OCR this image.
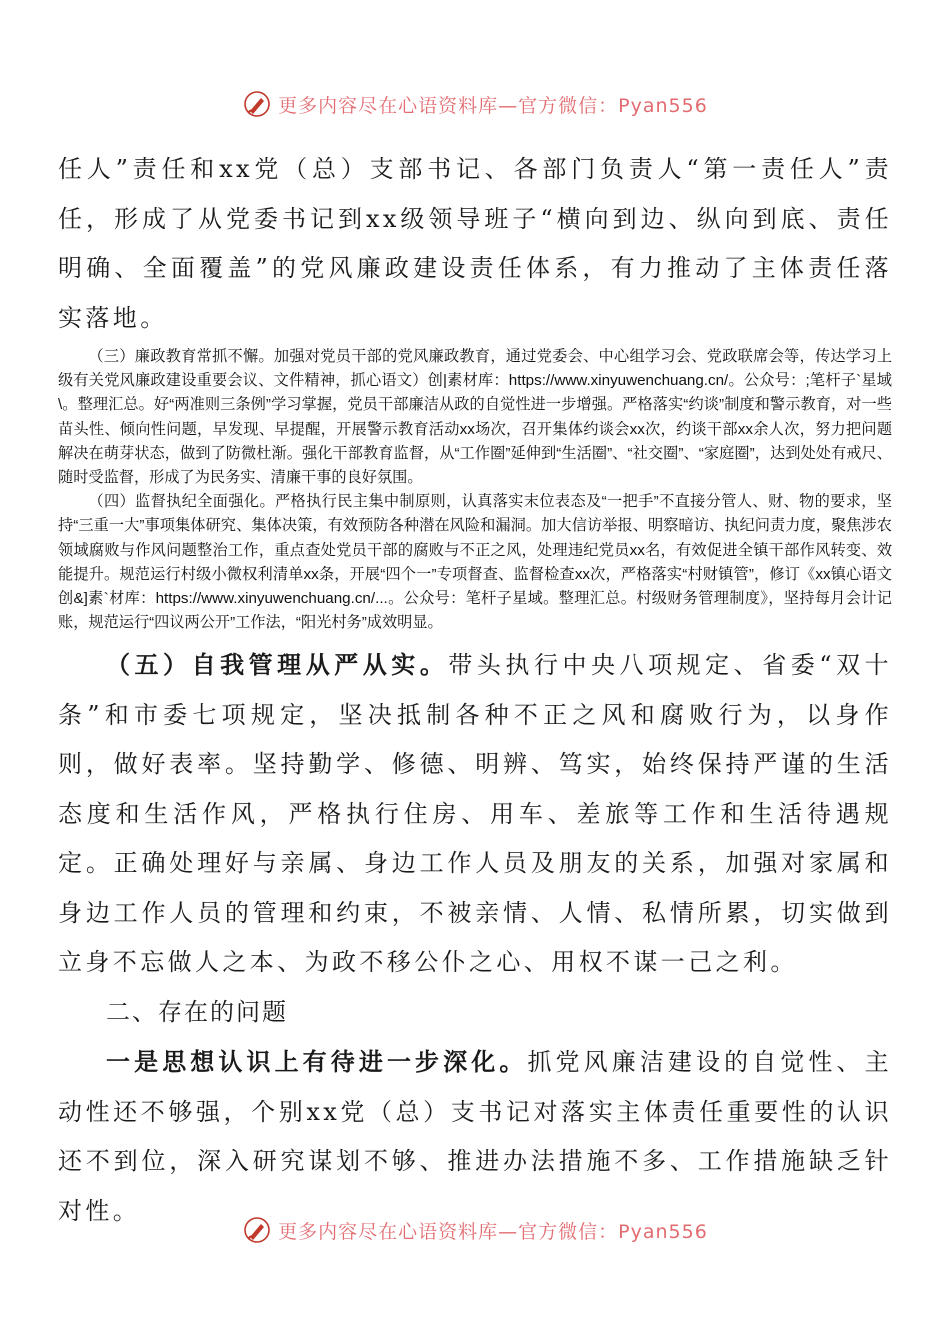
更多内容尽在心语资料库—官方微信：Pyan556

任人”责任和xx党（总）支部书记、各部门负责人“第一责任人”责任，形成了从党委书记到xx级领导班子“横向到边、纵向到底、责任明确、全面覆盖”的党风廉政建设责任体系，有力推动了主体责任落实落地。

（三）廉政教育常抓不懈。加强对党员干部的党风廉政教育，通过党委会、中心组学习会、党政联席会等，传达学习上级有关党风廉政建设重要会议、文件精神，抓心语文）创|素材库：https://www.xinyuwenchuang.cn/。公众号：;笔杆子`星域\。整理汇总。好“两准则三条例”学习掌握，党员干部廉洁从政的自觉性进一步增强。严格落实“约谈”制度和警示教育，对一些苗头性、倾向性问题，早发现、早提醒，开展警示教育活动xx场次，召开集体约谈会xx次，约谈干部xx余人次，努力把问题解决在萌芽状态，做到了防微杜渐。强化干部教育监督，从“工作圈”延伸到“生活圈”、“社交圈”、“家庭圈”，达到处处有戒尺、随时受监督，形成了为民务实、清廉干事的良好氛围。

（四）监督执纪全面强化。严格执行民主集中制原则，认真落实末位表态及“一把手”不直接分管人、财、物的要求，坚持“三重一大”事项集体研究、集体决策，有效预防各种潜在风险和漏洞。加大信访举报、明察暗访、执纪问责力度，聚焦涉农领域腐败与作风问题整治工作，重点查处党员干部的腐败与不正之风，处理违纪党员xx名，有效促进全镇干部作风转变、效能提升。规范运行村级小微权利清单xx条，开展“四个一”专项督查、监督检查xx次，严格落实“村财镇管”，修订《xx镇心语文创&]素`材库：https://www.xinyuwenchuang.cn/...。公众号：笔杆子星域。整理汇总。村级财务管理制度》，坚持每月会计记账，规范运行“四议两公开”工作法，“阳光村务”成效明显。

（五）自我管理从严从实。带头执行中央八项规定、省委“双十条”和市委七项规定，坚决抵制各种不正之风和腐败行为，以身作则，做好表率。坚持勤学、修德、明辨、笃实，始终保持严谨的生活态度和生活作风，严格执行住房、用车、差旅等工作和生活待遇规定。正确处理好与亲属、身边工作人员及朋友的关系，加强对家属和身边工作人员的管理和约束，不被亲情、人情、私情所累，切实做到立身不忘做人之本、为政不移公仆之心、用权不谋一己之利。

二、存在的问题

一是思想认识上有待进一步深化。抓党风廉洁建设的自觉性、主动性还不够强，个别xx党（总）支书记对落实主体责任重要性的认识还不到位，深入研究谋划不够、推进办法措施不多、工作措施缺乏针对性。

更多内容尽在心语资料库—官方微信：Pyan556
